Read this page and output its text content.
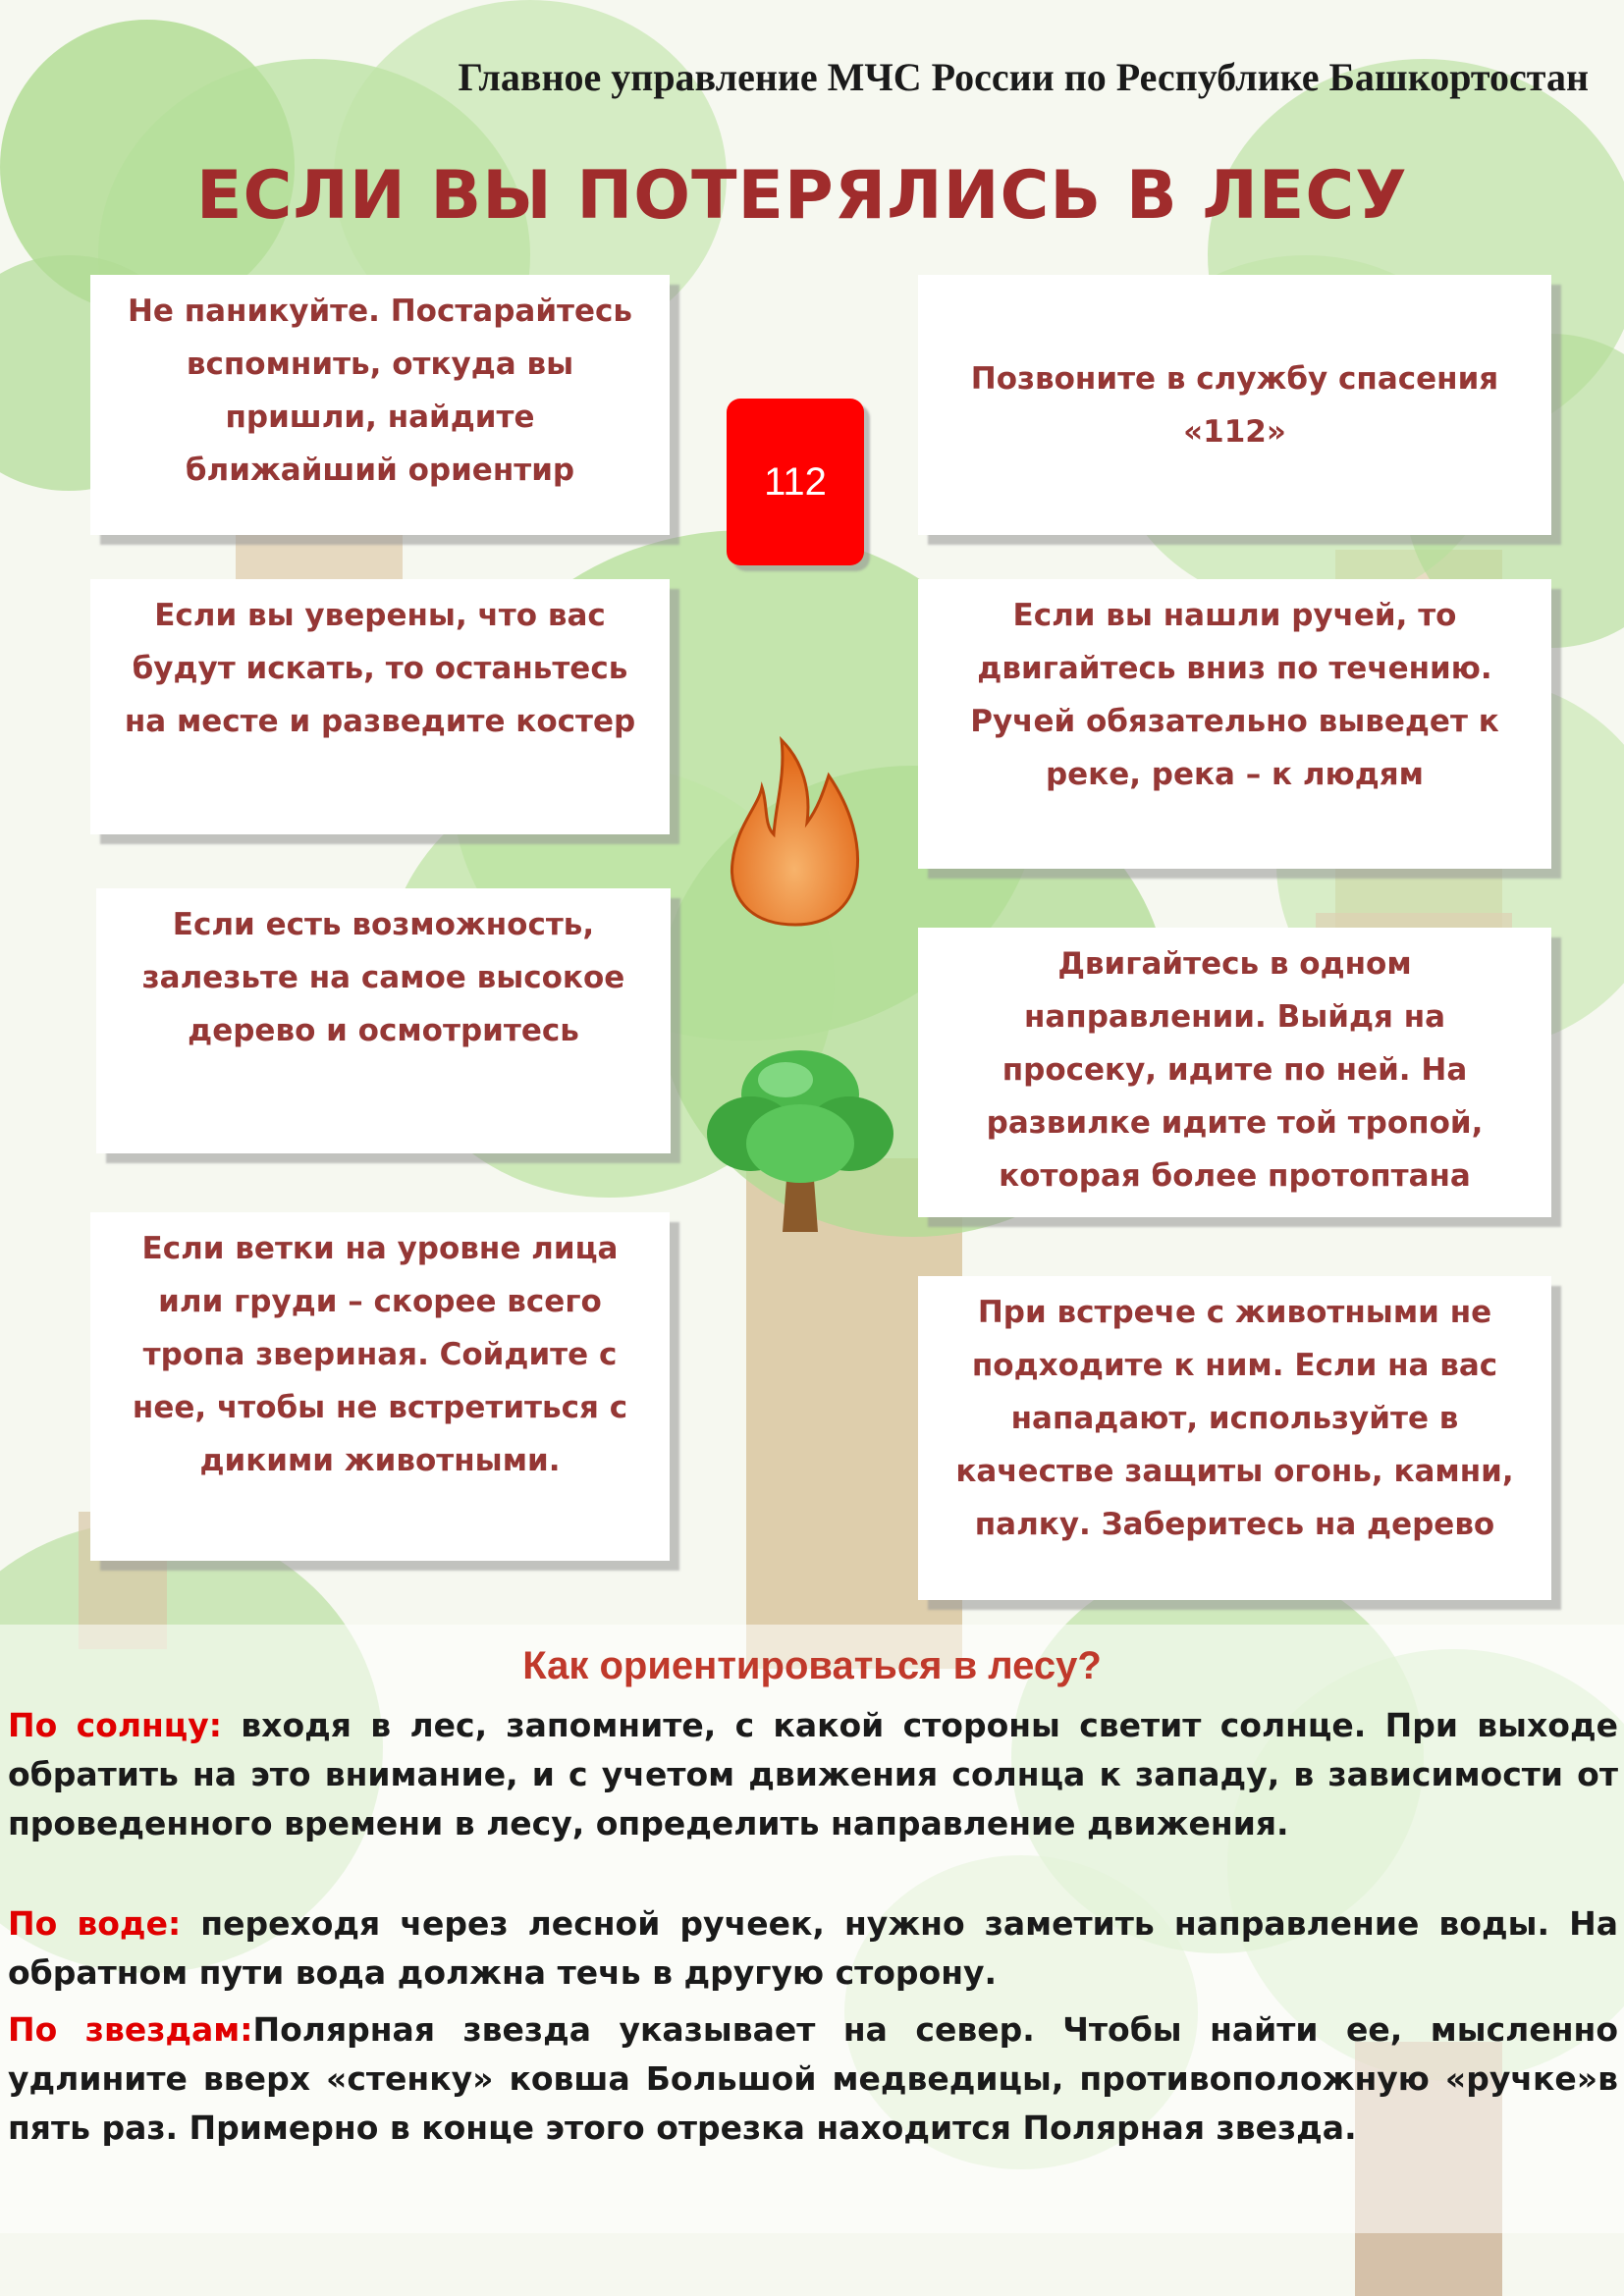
Главное управление МЧС России по Республике Башкортостан
ЕСЛИ ВЫ ПОТЕРЯЛИСЬ В ЛЕСУ
Не паникуйте. Постарайтесь
вспомнить, откуда вы
пришли, найдите
ближайший ориентир
Если вы уверены, что вас
будут искать, то останьтесь
на месте и разведите костер
Если есть возможность,
залезьте на самое высокое
дерево и осмотритесь
Если ветки на уровне лица
или груди – скорее всего
тропа звериная. Сойдите с
нее, чтобы не встретиться с
дикими животными.
Позвоните в службу спасения
«112»
Если вы нашли ручей, то
двигайтесь вниз по течению.
Ручей обязательно выведет к
реке, река – к людям
Двигайтесь в одном
направлении. Выйдя на
просеку, идите по ней. На
развилке идите той тропой,
которая более протоптана
При встрече с животными не
подходите к ним. Если на вас
нападают, используйте в
качестве защиты огонь, камни,
палку. Заберитесь на дерево
112
Как ориентироваться в лесу?
По солнцу: входя в лес, запомните, с какой стороны светит солнце. При выходе обратить на это внимание, и с учетом движения солнца к западу, в зависимости от проведенного времени в лесу, определить направление движения.
По воде: переходя через лесной ручеек, нужно заметить направление воды. На обратном пути вода должна течь в другую сторону.
По звездам:Полярная звезда указывает на север. Чтобы найти ее, мысленно удлините вверх «стенку» ковша Большой медведицы, противоположную «ручке»в пять раз. Примерно в конце этого отрезка находится Полярная звезда.
